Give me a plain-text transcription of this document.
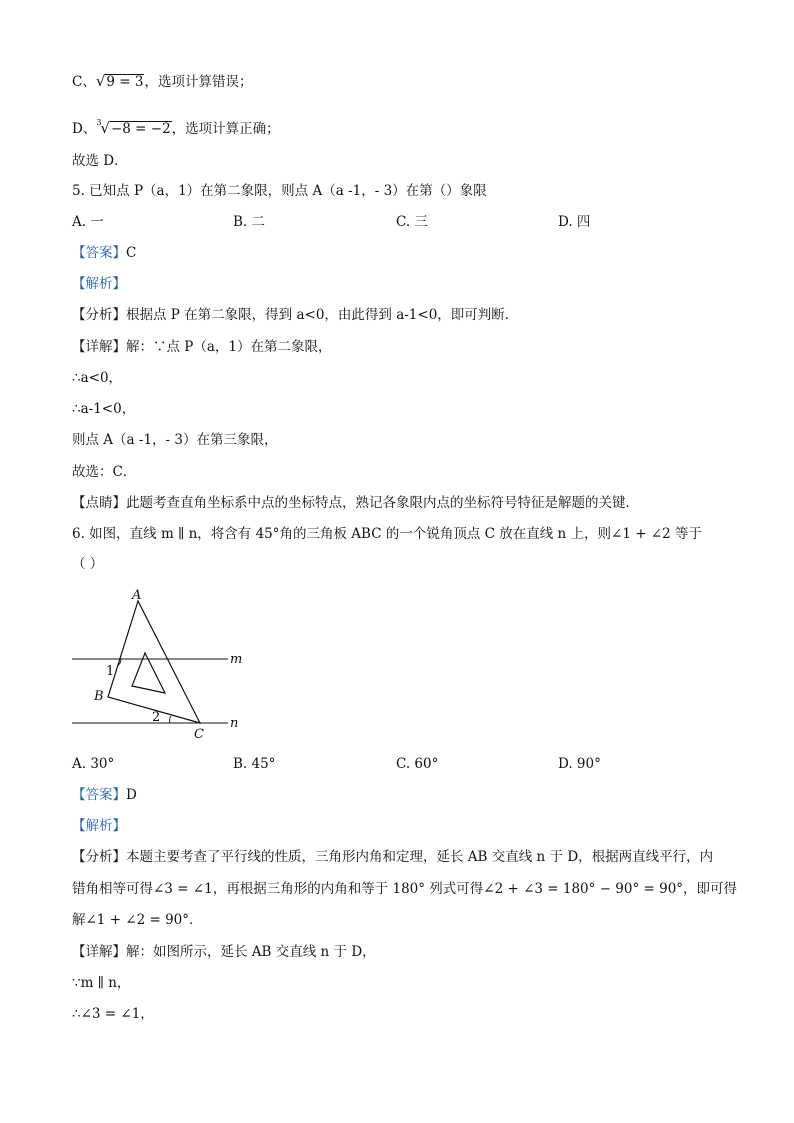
C、√9 = 3，选项计算错误；
D、$^3$√−8 = −2，选项计算正确；
故选 D．
5. 已知点 P（a，1）在第二象限，则点 A（a -1，- 3）在第（）象限
A. 一	B. 二	C. 三	D. 四
【答案】C
【解析】
【分析】根据点 P 在第二象限，得到 a<0，由此得到 a-1<0，即可判断．
【详解】解：∵点 P（a，1）在第二象限，
∴a<0，
∴a-1<0，
则点 A（a -1，- 3）在第三象限，
故选：C．
【点睛】此题考查直角坐标系中点的坐标特点，熟记各象限内点的坐标符号特征是解题的关键．
6. 如图，直线 m ∥ n，将含有 45°角的三角板 ABC 的一个锐角顶点 C 放在直线 n 上，则∠1 + ∠2 等于
（ ）
A
B
C
m
n
1
2
A. 30°	B. 45°	C. 60°	D. 90°
【答案】D
【解析】
【分析】本题主要考查了平行线的性质，三角形内角和定理，延长 AB 交直线 n 于 D，根据两直线平行，内
错角相等可得∠3 = ∠1，再根据三角形的内角和等于 180° 列式可得∠2 + ∠3 = 180° − 90° = 90°，即可得
解∠1 + ∠2 = 90°．
【详解】解：如图所示，延长 AB 交直线 n 于 D，
∵m ∥ n，
∴∠3 = ∠1，
